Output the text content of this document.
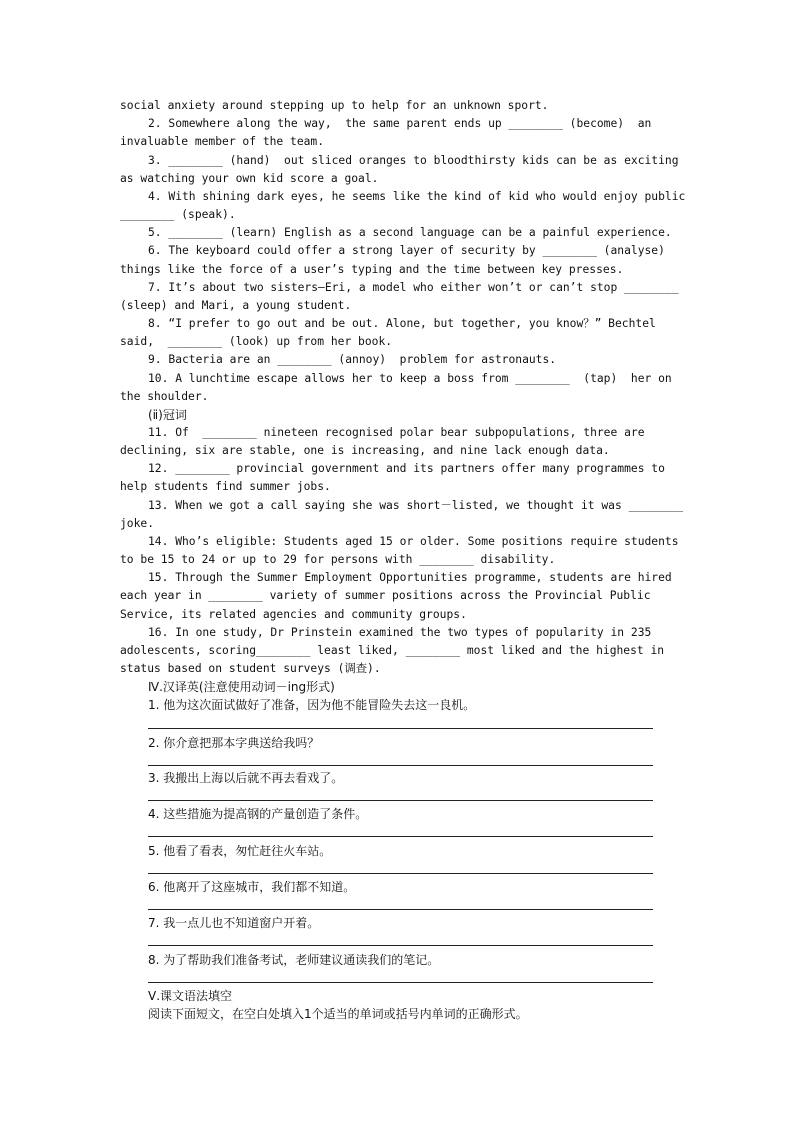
social anxiety around stepping up to help for an unknown sport.
2. Somewhere along the way,  the same parent ends up ________ (become)  an
invaluable member of the team.
3. ________ (hand)  out sliced oranges to bloodthirsty kids can be as exciting
as watching your own kid score a goal.
4. With shining dark eyes, he seems like the kind of kid who would enjoy public
________ (speak).
5. ________ (learn) English as a second language can be a painful experience.
6. The keyboard could offer a strong layer of security by ________ (analyse)
things like the force of a user’s typing and the time between key presses.
7. It’s about two sisters—Eri, a model who either won’t or can’t stop ________
(sleep) and Mari, a young student.
8. “I prefer to go out and be out. Alone, but together, you know？” Bechtel
said,  ________ (look) up from her book.
9. Bacteria are an ________ (annoy)  problem for astronauts.
10. A lunchtime escape allows her to keep a boss from ________  (tap)  her on
the shoulder.
(ⅱ)冠词
11. Of  ________ nineteen recognised polar bear subpopulations, three are
declining, six are stable, one is increasing, and nine lack enough data.
12. ________ provincial government and its partners offer many programmes to
help students find summer jobs.
13. When we got a call saying she was short－listed, we thought it was ________
joke.
14. Who’s eligible: Students aged 15 or older. Some positions require students
to be 15 to 24 or up to 29 for persons with ________ disability.
15. Through the Summer Employment Opportunities programme, students are hired
each year in ________ variety of summer positions across the Provincial Public
Service, its related agencies and community groups.
16. In one study, Dr Prinstein examined the two types of popularity in 235
adolescents, scoring________ least liked, ________ most liked and the highest in
status based on student surveys (调查).
Ⅳ.汉译英(注意使用动词－ing形式)
1. 他为这次面试做好了准备，因为他不能冒险失去这一良机。
2. 你介意把那本字典送给我吗？
3. 我搬出上海以后就不再去看戏了。
4. 这些措施为提高钢的产量创造了条件。
5. 他看了看表，匆忙赶往火车站。
6. 他离开了这座城市，我们都不知道。
7. 我一点儿也不知道窗户开着。
8. 为了帮助我们准备考试，老师建议通读我们的笔记。
Ⅴ.课文语法填空
阅读下面短文，在空白处填入1个适当的单词或括号内单词的正确形式。
